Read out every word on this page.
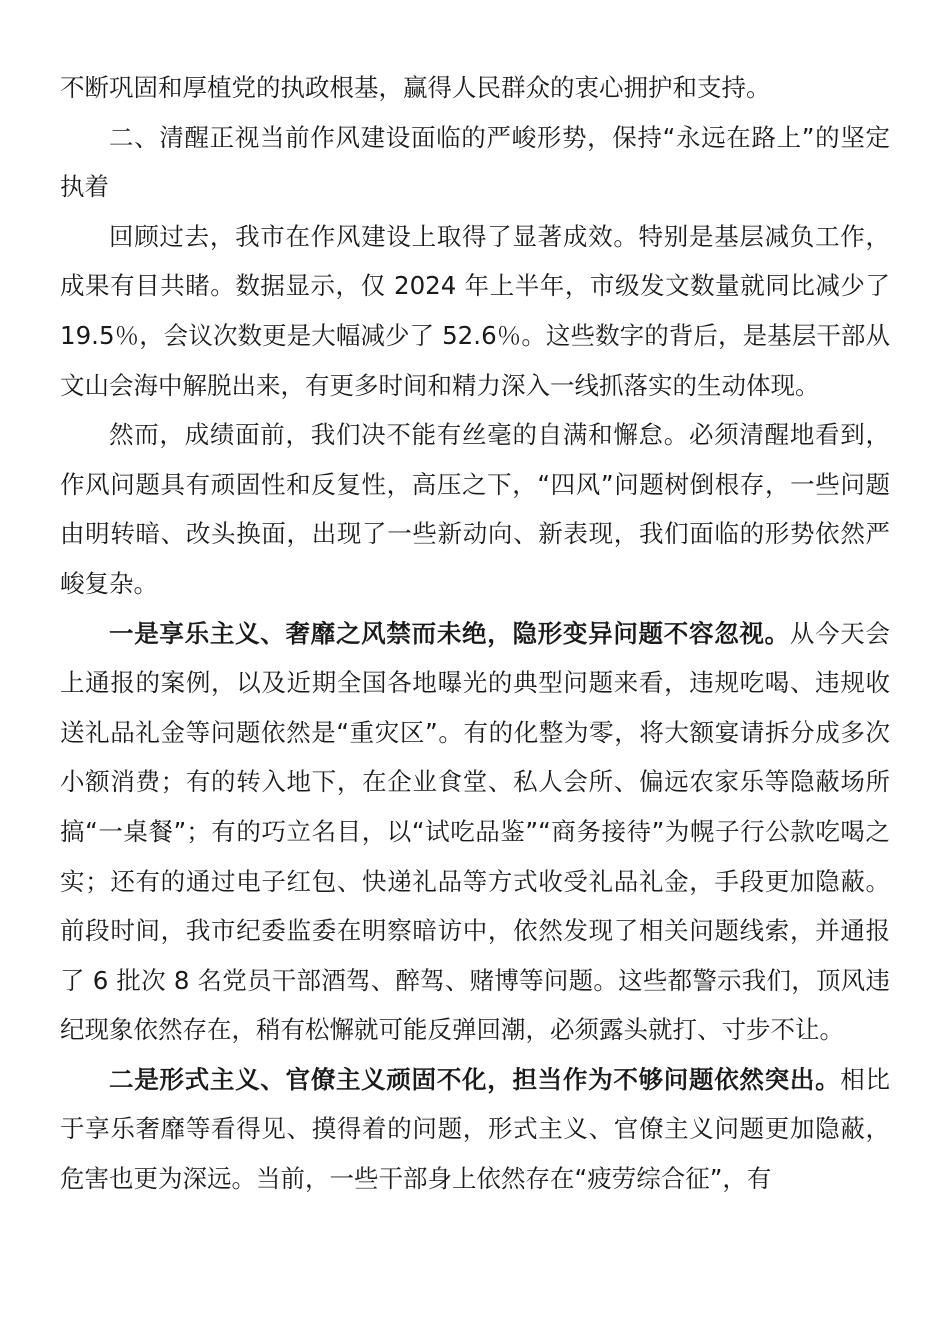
不断巩固和厚植党的执政根基，赢得人民群众的衷心拥护和支持。

二、清醒正视当前作风建设面临的严峻形势，保持“永远在路上”的坚定执着

回顾过去，我市在作风建设上取得了显著成效。特别是基层减负工作，成果有目共睹。数据显示，仅 2024 年上半年，市级发文数量就同比减少了 19.5％，会议次数更是大幅减少了 52.6％。这些数字的背后，是基层干部从文山会海中解脱出来，有更多时间和精力深入一线抓落实的生动体现。

然而，成绩面前，我们决不能有丝毫的自满和懈怠。必须清醒地看到，作风问题具有顽固性和反复性，高压之下，“四风”问题树倒根存，一些问题由明转暗、改头换面，出现了一些新动向、新表现，我们面临的形势依然严峻复杂。

一是享乐主义、奢靡之风禁而未绝，隐形变异问题不容忽视。从今天会上通报的案例，以及近期全国各地曝光的典型问题来看，违规吃喝、违规收送礼品礼金等问题依然是“重灾区”。有的化整为零，将大额宴请拆分成多次小额消费；有的转入地下，在企业食堂、私人会所、偏远农家乐等隐蔽场所搞“一桌餐”；有的巧立名目，以“试吃品鉴”“商务接待”为幌子行公款吃喝之实；还有的通过电子红包、快递礼品等方式收受礼品礼金，手段更加隐蔽。前段时间，我市纪委监委在明察暗访中，依然发现了相关问题线索，并通报了 6 批次 8 名党员干部酒驾、醉驾、赌博等问题。这些都警示我们，顶风违纪现象依然存在，稍有松懈就可能反弹回潮，必须露头就打、寸步不让。

二是形式主义、官僚主义顽固不化，担当作为不够问题依然突出。相比于享乐奢靡等看得见、摸得着的问题，形式主义、官僚主义问题更加隐蔽，危害也更为深远。当前，一些干部身上依然存在“疲劳综合征”，有
